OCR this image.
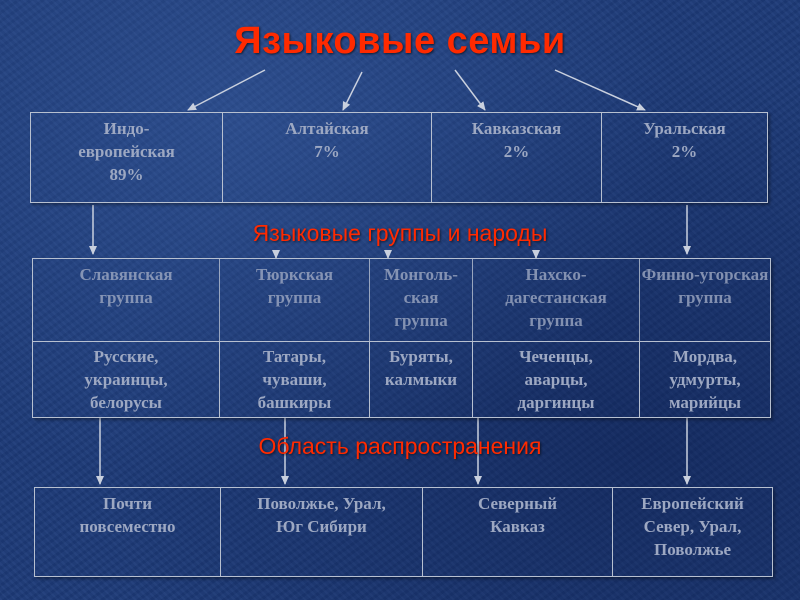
Языковые семьи
Индо-
европейская
89%
Алтайская
7%
Кавказская
2%
Уральская
2%
Языковые группы и народы
Славянская
группа
Тюркская
группа
Монголь-
ская
группа
Нахско-
дагестанская
группа
Финно-угорская
группа
Русские,
украинцы,
белорусы
Татары,
чуваши,
башкиры
Буряты,
калмыки
Чеченцы,
аварцы,
даргинцы
Мордва,
удмурты,
марийцы
Область распространения
Почти
повсеместно
Поволжье, Урал,
Юг Сибири
Северный
Кавказ
Европейский
Север, Урал,
Поволжье
